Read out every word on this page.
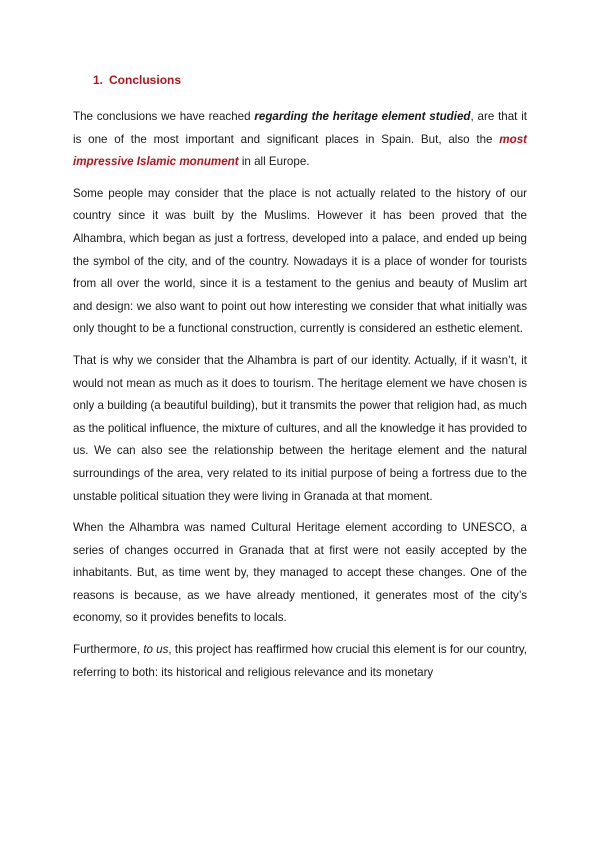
1. Conclusions

The conclusions we have reached regarding the heritage element studied, are that it is one of the most important and significant places in Spain. But, also the most impressive Islamic monument in all Europe.

Some people may consider that the place is not actually related to the history of our country since it was built by the Muslims. However it has been proved that the Alhambra, which began as just a fortress, developed into a palace, and ended up being the symbol of the city, and of the country. Nowadays it is a place of wonder for tourists from all over the world, since it is a testament to the genius and beauty of Muslim art and design: we also want to point out how interesting we consider that what initially was only thought to be a functional construction, currently is considered an esthetic element.

That is why we consider that the Alhambra is part of our identity. Actually, if it wasn’t, it would not mean as much as it does to tourism. The heritage element we have chosen is only a building (a beautiful building), but it transmits the power that religion had, as much as the political influence, the mixture of cultures, and all the knowledge it has provided to us. We can also see the relationship between the heritage element and the natural surroundings of the area, very related to its initial purpose of being a fortress due to the unstable political situation they were living in Granada at that moment.

When the Alhambra was named Cultural Heritage element according to UNESCO, a series of changes occurred in Granada that at first were not easily accepted by the inhabitants. But, as time went by, they managed to accept these changes. One of the reasons is because, as we have already mentioned, it generates most of the city’s economy, so it provides benefits to locals.

Furthermore, to us, this project has reaffirmed how crucial this element is for our country, referring to both: its historical and religious relevance and its monetary
